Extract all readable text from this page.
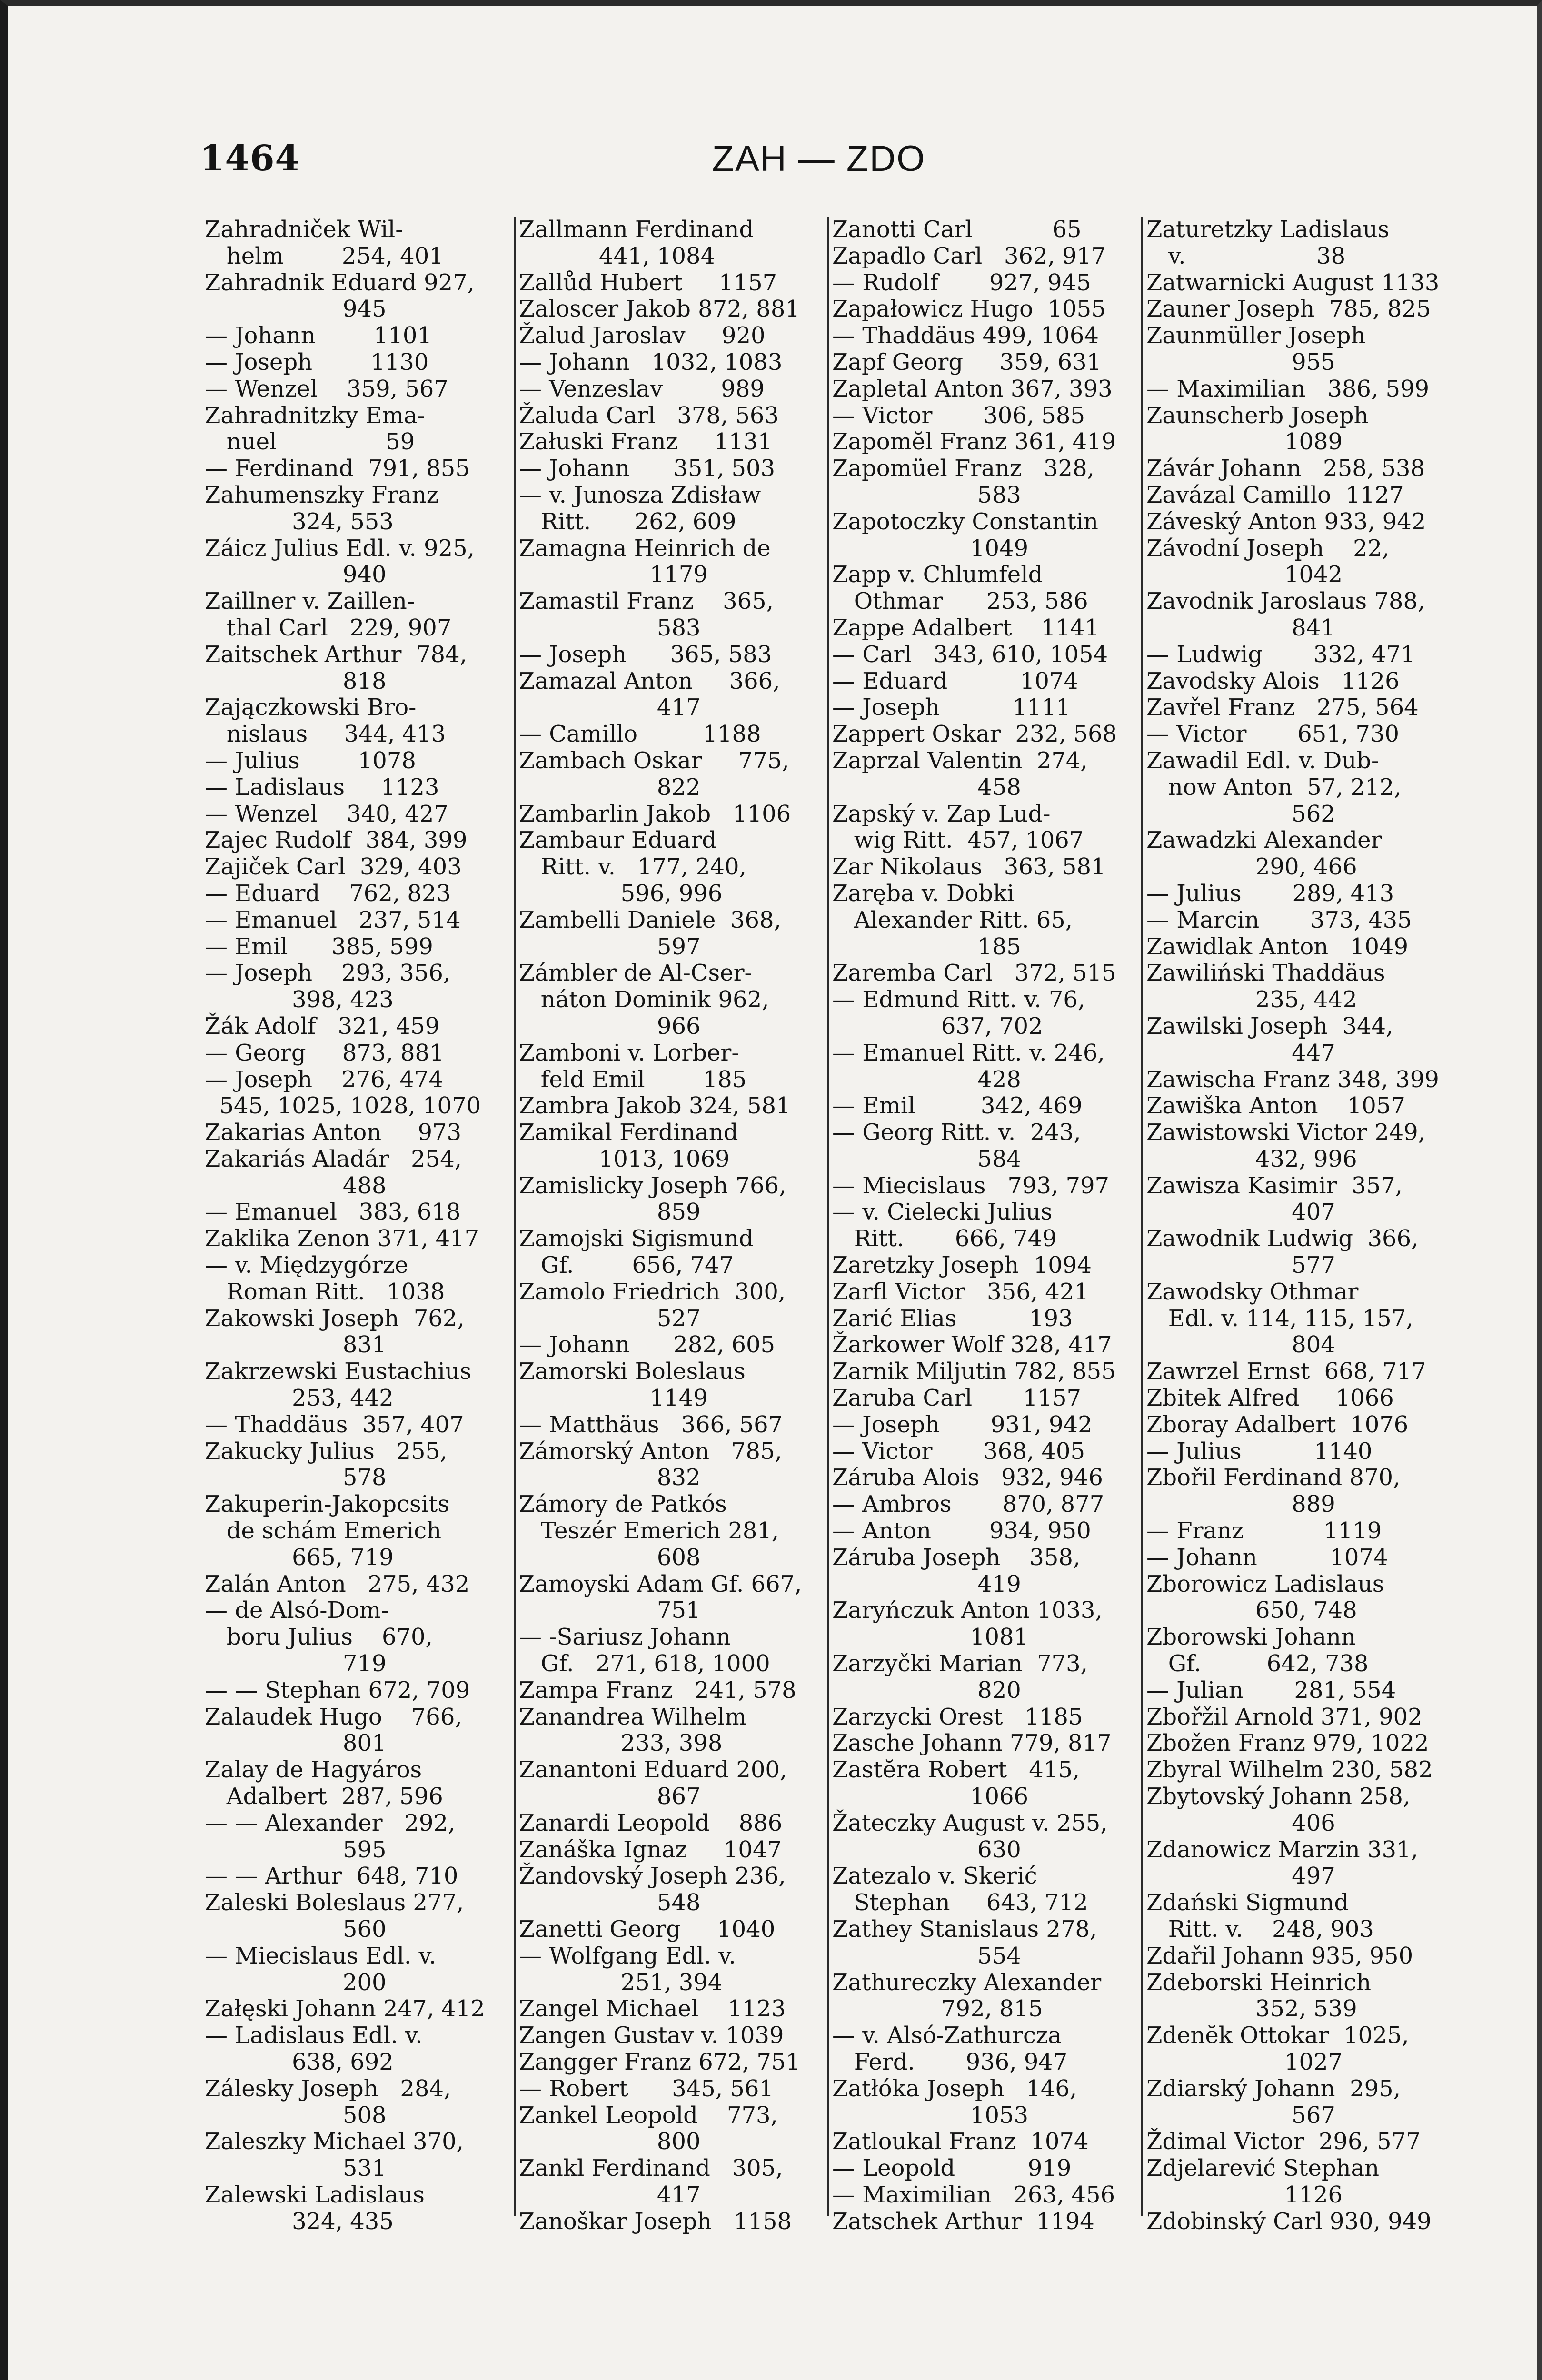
1464	ZAH — ZDO
Zahradniček Wil-
helm        254, 401
Zahradnik Eduard 927,
945
— Johann        1101
— Joseph        1130
— Wenzel    359, 567
Zahradnitzky Ema-
nuel               59
— Ferdinand  791, 855
Zahumenszky Franz
324, 553
Záicz Julius Edl. v. 925,
940
Zaillner v. Zaillen-
thal Carl   229, 907
Zaitschek Arthur  784,
818
Zajączkowski Bro-
nislaus     344, 413
— Julius        1078
— Ladislaus     1123
— Wenzel    340, 427
Zajec Rudolf  384, 399
Zajiček Carl  329, 403
— Eduard    762, 823
— Emanuel   237, 514
— Emil      385, 599
— Joseph    293, 356,
398, 423
Žák Adolf   321, 459
— Georg     873, 881
— Joseph    276, 474
545, 1025, 1028, 1070
Zakarias Anton     973
Zakariás Aladár   254,
488
— Emanuel   383, 618
Zaklika Zenon 371, 417
— v. Międzygórze
Roman Ritt.   1038
Zakowski Joseph  762,
831
Zakrzewski Eustachius
253, 442
— Thaddäus  357, 407
Zakucky Julius   255,
578
Zakuperin-Jakopcsits
de schám Emerich
665, 719
Zalán Anton   275, 432
— de Alsó-Dom-
boru Julius    670,
719
— — Stephan 672, 709
Zalaudek Hugo    766,
801
Zalay de Hagyáros
Adalbert  287, 596
— — Alexander   292,
595
— — Arthur  648, 710
Zaleski Boleslaus 277,
560
— Miecislaus Edl. v.
200
Załęski Johann 247, 412
— Ladislaus Edl. v.
638, 692
Zálesky Joseph   284,
508
Zaleszky Michael 370,
531
Zalewski Ladislaus
324, 435
Zallmann Ferdinand
441, 1084
Zallůd Hubert     1157
Zaloscer Jakob 872, 881
Žalud Jaroslav     920
— Johann   1032, 1083
— Venzeslav        989
Žaluda Carl   378, 563
Załuski Franz     1131
— Johann      351, 503
— v. Junosza Zdisław
Ritt.      262, 609
Zamagna Heinrich de
1179
Zamastil Franz    365,
583
— Joseph      365, 583
Zamazal Anton     366,
417
— Camillo         1188
Zambach Oskar     775,
822
Zambarlin Jakob   1106
Zambaur Eduard
Ritt. v.   177, 240,
596, 996
Zambelli Daniele  368,
597
Zámbler de Al-Cser-
náton Dominik 962,
966
Zamboni v. Lorber-
feld Emil        185
Zambra Jakob 324, 581
Zamikal Ferdinand
1013, 1069
Zamislicky Joseph 766,
859
Zamojski Sigismund
Gf.        656, 747
Zamolo Friedrich  300,
527
— Johann      282, 605
Zamorski Boleslaus
1149
— Matthäus   366, 567
Zámorský Anton   785,
832
Zámory de Patkós
Teszér Emerich 281,
608
Zamoyski Adam Gf. 667,
751
— -Sariusz Johann
Gf.   271, 618, 1000
Zampa Franz   241, 578
Zanandrea Wilhelm
233, 398
Zanantoni Eduard 200,
867
Zanardi Leopold    886
Zanáška Ignaz     1047
Žandovský Joseph 236,
548
Zanetti Georg     1040
— Wolfgang Edl. v.
251, 394
Zangel Michael    1123
Zangen Gustav v. 1039
Zangger Franz 672, 751
— Robert      345, 561
Zankel Leopold    773,
800
Zankl Ferdinand   305,
417
Zanoškar Joseph   1158
Zanotti Carl           65
Zapadlo Carl   362, 917
— Rudolf       927, 945
Zapałowicz Hugo  1055
— Thaddäus 499, 1064
Zapf Georg     359, 631
Zapletal Anton 367, 393
— Victor       306, 585
Zapomĕl Franz 361, 419
Zapomüel Franz   328,
583
Zapotoczky Constantin
1049
Zapp v. Chlumfeld
Othmar      253, 586
Zappe Adalbert    1141
— Carl   343, 610, 1054
— Eduard          1074
— Joseph          1111
Zappert Oskar  232, 568
Zaprzal Valentin  274,
458
Zapský v. Zap Lud-
wig Ritt.  457, 1067
Zar Nikolaus   363, 581
Zaręba v. Dobki
Alexander Ritt. 65,
185
Zaremba Carl   372, 515
— Edmund Ritt. v. 76,
637, 702
— Emanuel Ritt. v. 246,
428
— Emil         342, 469
— Georg Ritt. v.  243,
584
— Miecislaus   793, 797
— v. Cielecki Julius
Ritt.       666, 749
Zaretzky Joseph  1094
Zarfl Victor   356, 421
Zarić Elias          193
Žarkower Wolf 328, 417
Zarnik Miljutin 782, 855
Zaruba Carl       1157
— Joseph       931, 942
— Victor       368, 405
Záruba Alois   932, 946
— Ambros       870, 877
— Anton        934, 950
Záruba Joseph    358,
419
Zaryńczuk Anton 1033,
1081
Zarzyčki Marian  773,
820
Zarzycki Orest   1185
Zasche Johann 779, 817
Zastĕra Robert   415,
1066
Žateczky August v. 255,
630
Zatezalo v. Skerić
Stephan     643, 712
Zathey Stanislaus 278,
554
Zathureczky Alexander
792, 815
— v. Alsó-Zathurcza
Ferd.       936, 947
Zatłóka Joseph   146,
1053
Zatloukal Franz  1074
— Leopold          919
— Maximilian   263, 456
Zatschek Arthur  1194
Zaturetzky Ladislaus
v.                  38
Zatwarnicki August 1133
Zauner Joseph  785, 825
Zaunmüller Joseph
955
— Maximilian   386, 599
Zaunscherb Joseph
1089
Závár Johann   258, 538
Zavázal Camillo  1127
Záveský Anton 933, 942
Závodní Joseph    22,
1042
Zavodnik Jaroslaus 788,
841
— Ludwig       332, 471
Zavodsky Alois   1126
Zavřel Franz   275, 564
— Victor       651, 730
Zawadil Edl. v. Dub-
now Anton  57, 212,
562
Zawadzki Alexander
290, 466
— Julius       289, 413
— Marcin       373, 435
Zawidlak Anton   1049
Zawiliński Thaddäus
235, 442
Zawilski Joseph  344,
447
Zawischa Franz 348, 399
Zawiška Anton    1057
Zawistowski Victor 249,
432, 996
Zawisza Kasimir  357,
407
Zawodnik Ludwig  366,
577
Zawodsky Othmar
Edl. v. 114, 115, 157,
804
Zawrzel Ernst  668, 717
Zbitek Alfred     1066
Zboray Adalbert  1076
— Julius          1140
Zbořil Ferdinand 870,
889
— Franz           1119
— Johann          1074
Zborowicz Ladislaus
650, 748
Zborowski Johann
Gf.         642, 738
— Julian       281, 554
Zbořžil Arnold 371, 902
Zbožen Franz 979, 1022
Zbyral Wilhelm 230, 582
Zbytovský Johann 258,
406
Zdanowicz Marzin 331,
497
Zdański Sigmund
Ritt. v.    248, 903
Zdařil Johann 935, 950
Zdeborski Heinrich
352, 539
Zdenĕk Ottokar  1025,
1027
Zdiarský Johann  295,
567
Ždimal Victor  296, 577
Zdjelarević Stephan
1126
Zdobinský Carl 930, 949
